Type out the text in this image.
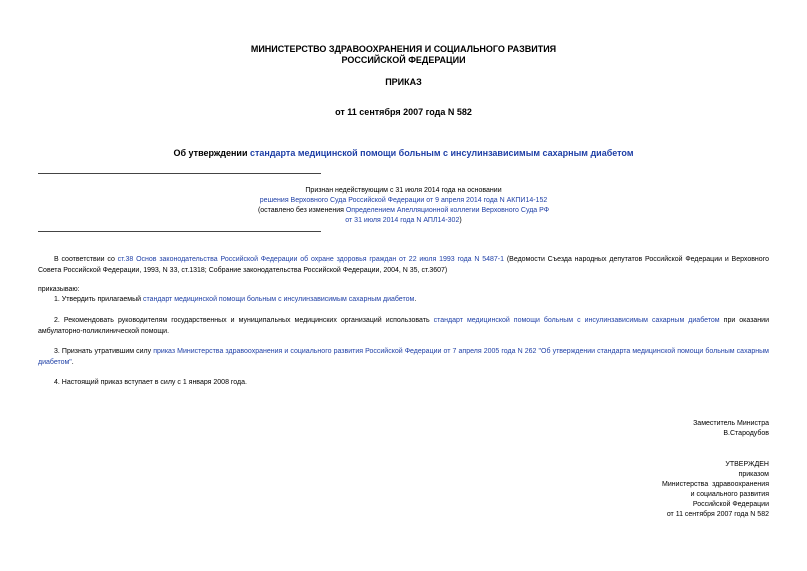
МИНИСТЕРСТВО ЗДРАВООХРАНЕНИЯ И СОЦИАЛЬНОГО РАЗВИТИЯ
РОССИЙСКОЙ ФЕДЕРАЦИИ
ПРИКАЗ
от 11 сентября 2007 года N 582
Об утверждении стандарта медицинской помощи больным с инсулинзависимым сахарным диабетом
Признан недействующим с 31 июля 2014 года на основании
решения Верховного Суда Российской Федерации от 9 апреля 2014 года N АКПИ14-152
(оставлено без изменения Определением Апелляционной коллегии Верховного Суда РФ
от 31 июля 2014 года N АПЛ14-302)
В соответствии со ст.38 Основ законодательства Российской Федерации об охране здоровья граждан от 22 июля 1993 года N 5487-1 (Ведомости Съезда народных депутатов Российской Федерации и Верховного Совета Российской Федерации, 1993, N 33, ст.1318; Собрание законодательства Российской Федерации, 2004, N 35, ст.3607)
приказываю:
1. Утвердить прилагаемый стандарт медицинской помощи больным с инсулинзависимым сахарным диабетом.
2. Рекомендовать руководителям государственных и муниципальных медицинских организаций использовать стандарт медицинской помощи больным с инсулинзависимым сахарным диабетом при оказании амбулаторно-поликлинической помощи.
3. Признать утратившим силу приказ Министерства здравоохранения и социального развития Российской Федерации от 7 апреля 2005 года N 262 "Об утверждении стандарта медицинской помощи больным сахарным диабетом".
4. Настоящий приказ вступает в силу с 1 января 2008 года.
Заместитель Министра
В.Стародубов
УТВЕРЖДЕН
приказом
Министерства  здравоохранения
и социального развития
Российской Федерации
от 11 сентября 2007 года N 582
